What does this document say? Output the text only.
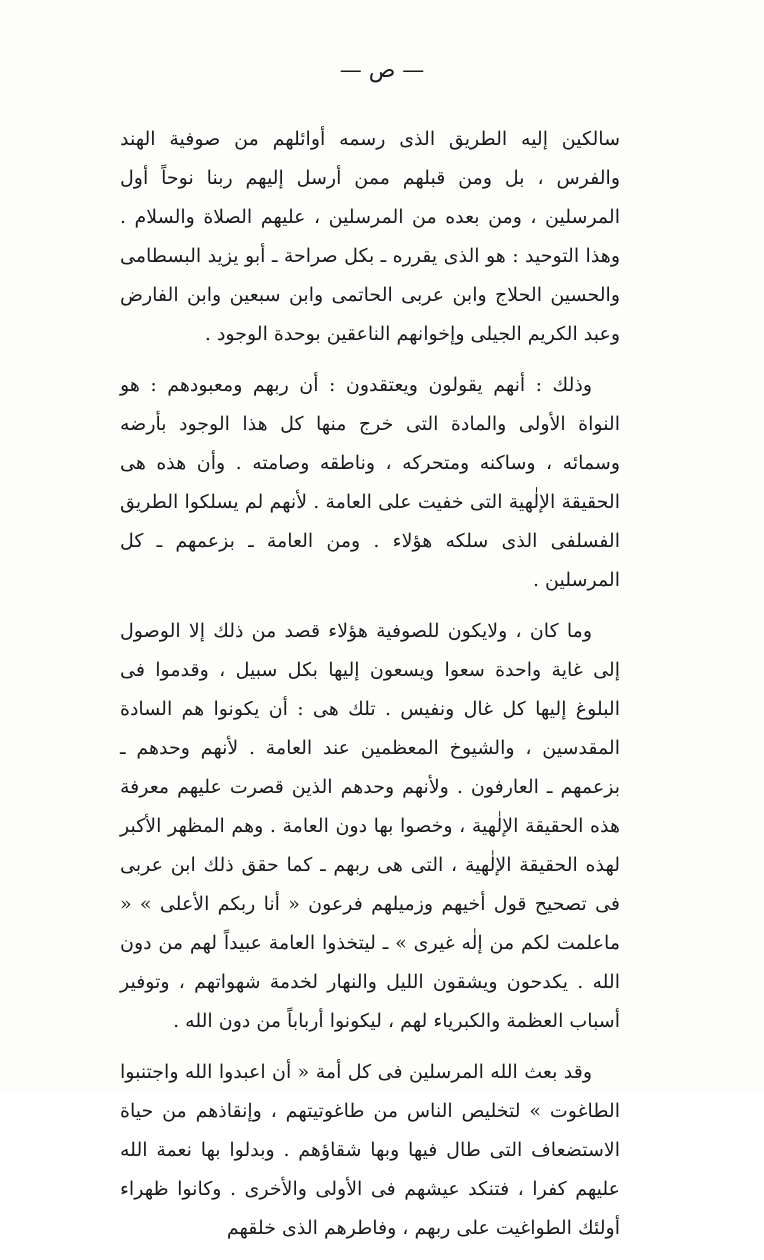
— ص —

سالكين إليه الطريق الذى رسمه أوائلهم من صوفية الهند والفرس ، بل ومن قبلهم ممن أرسل إليهم ربنا نوحاً أول المرسلين ، ومن بعده من المرسلين ، عليهم الصلاة والسلام . وهذا التوحيد : هو الذى يقرره ـ بكل صراحة ـ أبو يزيد البسطامى والحسين الحلاج وابن عربى الحاتمى وابن سبعين وابن الفارض وعبد الكريم الجيلى وإخوانهم الناعقين بوحدة الوجود .

وذلك : أنهم يقولون ويعتقدون : أن ربهم ومعبودهم : هو النواة الأولى والمادة التى خرج منها كل هذا الوجود بأرضه وسمائه ، وساكنه ومتحركه ، وناطقه وصامته . وأن هذه هى الحقيقة الإلٰهية التى خفيت على العامة . لأنهم لم يسلكوا الطريق الفسلفى الذى سلكه هؤلاء . ومن العامة ـ بزعمهم ـ كل المرسلين .

وما كان ، ولايكون للصوفية هؤلاء قصد من ذلك إلا الوصول إلى غاية واحدة سعوا ويسعون إليها بكل سبيل ، وقدموا فى البلوغ إليها كل غال ونفيس . تلك هى : أن يكونوا هم السادة المقدسين ، والشيوخ المعظمين عند العامة . لأنهم وحدهم ـ بزعمهم ـ العارفون . ولأنهم وحدهم الذين قصرت عليهم معرفة هذه الحقيقة الإلٰهية ، وخصوا بها دون العامة . وهم المظهر الأكبر لهذه الحقيقة الإلٰهية ، التى هى ربهم ـ كما حقق ذلك ابن عربى فى تصحيح قول أخيهم وزميلهم فرعون « أنا ربكم الأعلى » « ماعلمت لكم من إلٰه غيرى » ـ ليتخذوا العامة عبيداً لهم من دون الله . يكدحون ويشقون الليل والنهار لخدمة شهواتهم ، وتوفير أسباب العظمة والكبرياء لهم ، ليكونوا أرباباً من دون الله .

وقد بعث الله المرسلين فى كل أمة « أن اعبدوا الله واجتنبوا الطاغوت » لتخليص الناس من طاغوتيتهم ، وإنقاذهم من حياة الاستضعاف التى طال فيها وبها شقاؤهم . وبدلوا بها نعمة الله عليهم كفرا ، فتنكد عيشهم فى الأولى والأخرى . وكانوا ظهراء أولئك الطواغيت على ربهم ، وفاطرهم الذى خلقهم
